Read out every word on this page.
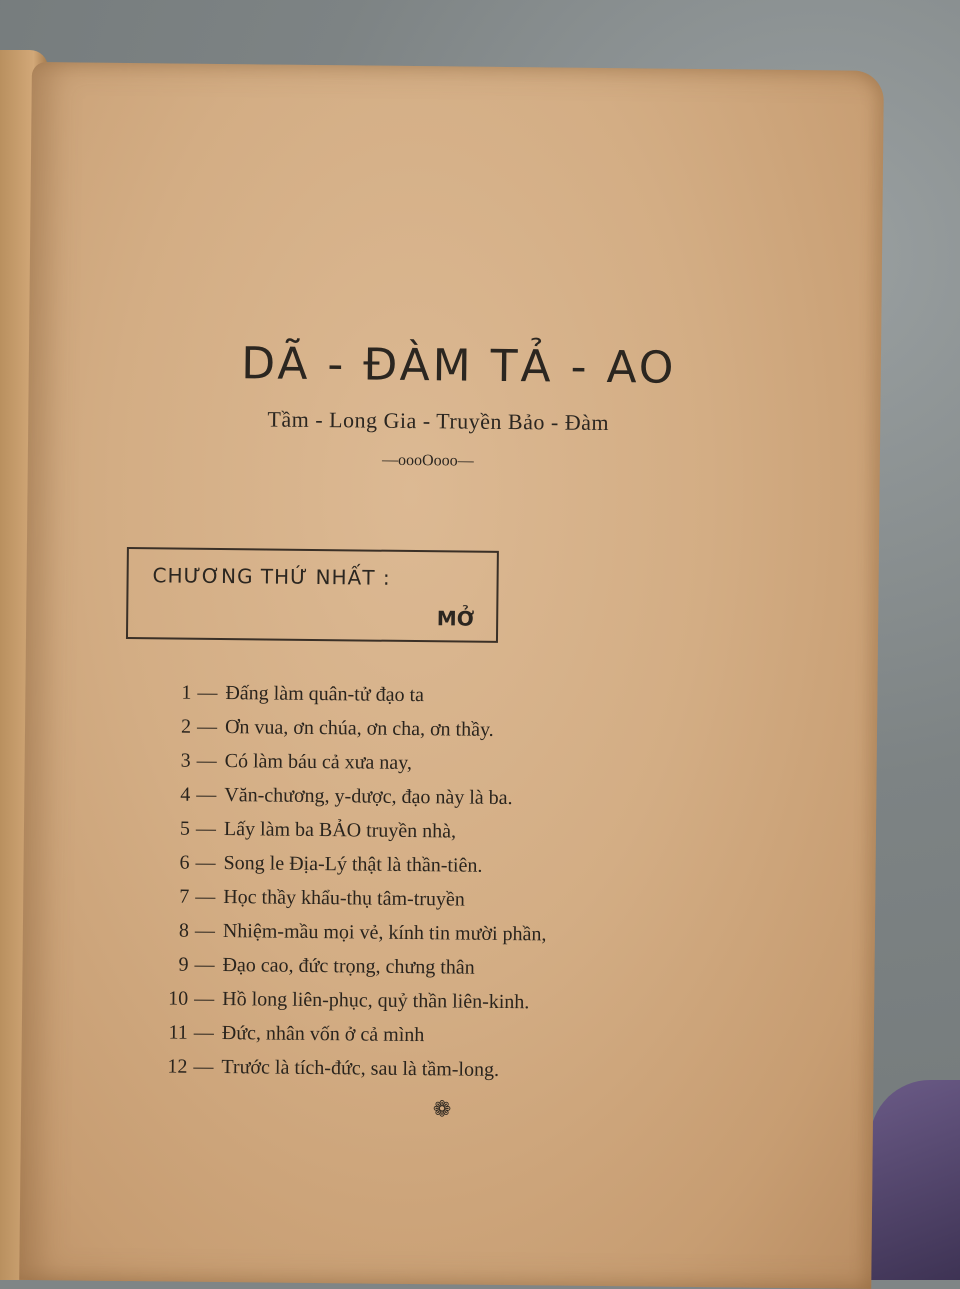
DÃ - ĐÀM TẢ - AO
Tầm - Long Gia - Truyền Bảo - Đàm
—oooOooo—
CHƯƠNG THỨ NHẤT :
MỞ
1 — Đấng làm quân-tử đạo ta
2 — Ơn vua, ơn chúa, ơn cha, ơn thầy.
3 — Có làm báu cả xưa nay,
4 — Văn-chương, y-dược, đạo này là ba.
5 — Lấy làm ba BẢO truyền nhà,
6 — Song le Địa-Lý thật là thần-tiên.
7 — Học thầy khẩu-thụ tâm-truyền
8 — Nhiệm-mầu mọi vẻ, kính tin mười phần,
9 — Đạo cao, đức trọng, chưng thân
10 — Hồ long liên-phục, quỷ thần liên-kinh.
11 — Đức, nhân vốn ở cả mình
12 — Trước là tích-đức, sau là tầm-long.
❁
